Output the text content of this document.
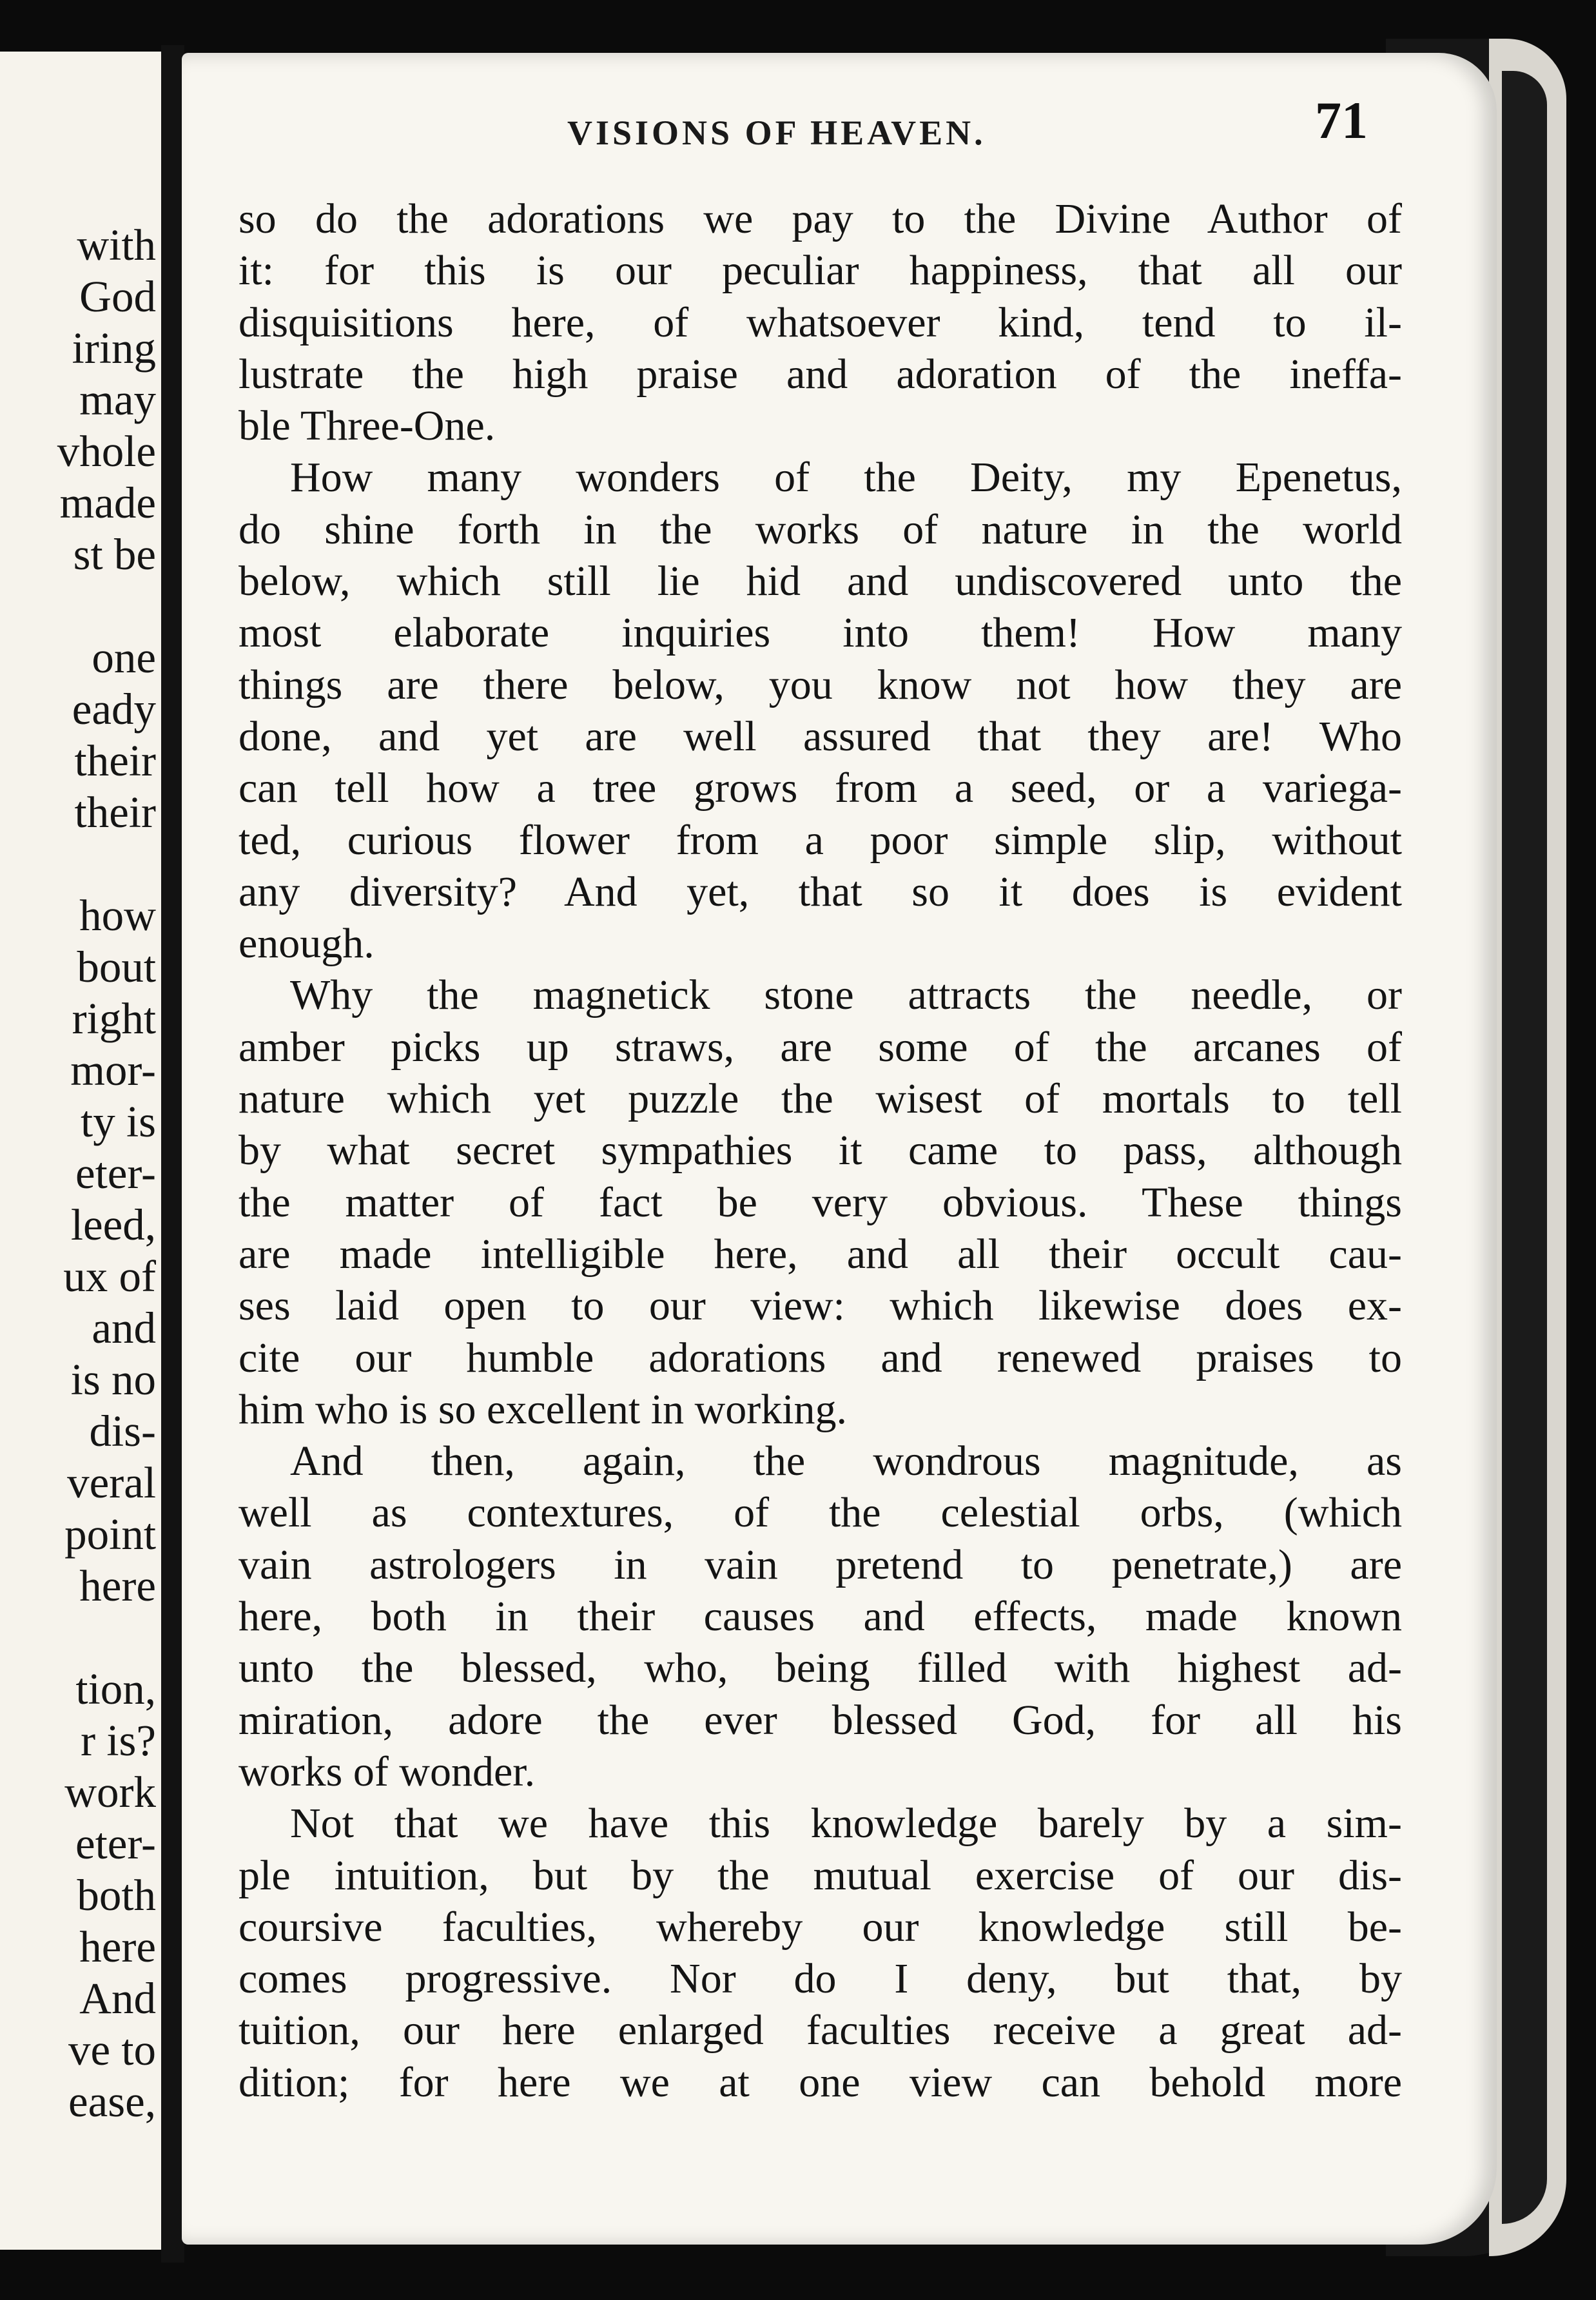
with
God
iring
may
vhole
made
st be
one
eady
their
their
how
bout
right
mor-
ty is
eter-
leed,
ux of
and
is no
dis-
veral
point
here
tion,
r is?
work
eter-
both
here
And
ve to
ease,
VISIONS OF HEAVEN.	71
so do the adorations we pay to the Divine Author of
it: for this is our peculiar happiness, that all our
disquisitions here, of whatsoever kind, tend to il-
lustrate the high praise and adoration of the ineffa-
ble Three-One.
How many wonders of the Deity, my Epenetus,
do shine forth in the works of nature in the world
below, which still lie hid and undiscovered unto the
most elaborate inquiries into them! How many
things are there below, you know not how they are
done, and yet are well assured that they are! Who
can tell how a tree grows from a seed, or a variega-
ted, curious flower from a poor simple slip, without
any diversity? And yet, that so it does is evident
enough.
Why the magnetick stone attracts the needle, or
amber picks up straws, are some of the arcanes of
nature which yet puzzle the wisest of mortals to tell
by what secret sympathies it came to pass, although
the matter of fact be very obvious. These things
are made intelligible here, and all their occult cau-
ses laid open to our view: which likewise does ex-
cite our humble adorations and renewed praises to
him who is so excellent in working.
And then, again, the wondrous magnitude, as
well as contextures, of the celestial orbs, (which
vain astrologers in vain pretend to penetrate,) are
here, both in their causes and effects, made known
unto the blessed, who, being filled with highest ad-
miration, adore the ever blessed God, for all his
works of wonder.
Not that we have this knowledge barely by a sim-
ple intuition, but by the mutual exercise of our dis-
coursive faculties, whereby our knowledge still be-
comes progressive. Nor do I deny, but that, by
tuition, our here enlarged faculties receive a great ad-
dition; for here we at one view can behold more
